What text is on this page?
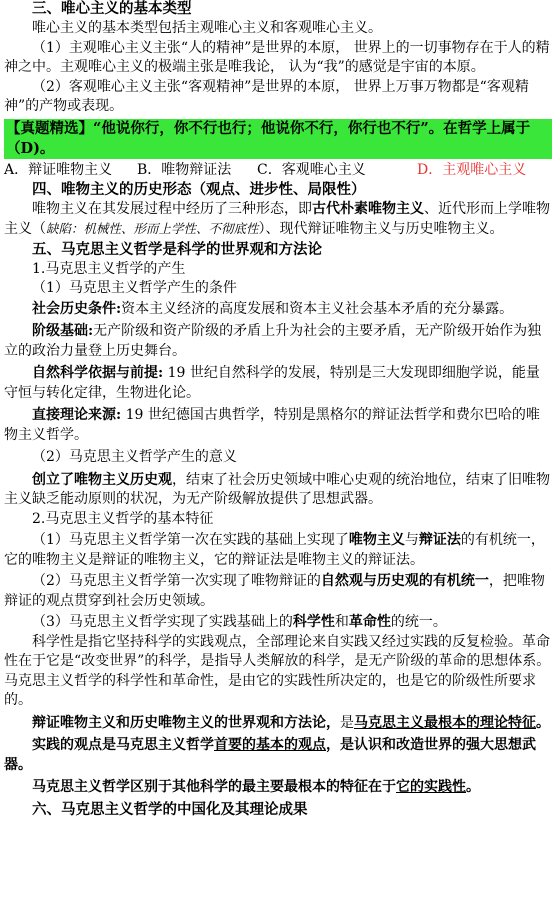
三、唯心主义的基本类型

唯心主义的基本类型包括主观唯心主义和客观唯心主义。

（1）主观唯心主义主张“人的精神”是世界的本原， 世界上的一切事物存在于人的精神之中。主观唯心主义的极端主张是唯我论， 认为“我”的感觉是宇宙的本原。

（2）客观唯心主义主张“客观精神”是世界的本原， 世界上万事万物都是“客观精神”的产物或表现。

【真题精选】“他说你行，你不行也行；他说你不行，你行也不行”。在哲学上属于（D)。

A．辩证唯物主义	B．唯物辩证法	C．客观唯心主义	D．主观唯心主义

四、唯物主义的历史形态（观点、进步性、局限性）

唯物主义在其发展过程中经历了三种形态，即古代朴素唯物主义、近代形而上学唯物主义（缺陷：机械性、形而上学性、不彻底性）、现代辩证唯物主义与历史唯物主义。

五、马克思主义哲学是科学的世界观和方法论

1.马克思主义哲学的产生

（1）马克思主义哲学产生的条件

社会历史条件:资本主义经济的高度发展和资本主义社会基本矛盾的充分暴露。

阶级基础:无产阶级和资产阶级的矛盾上升为社会的主要矛盾，无产阶级开始作为独立的政治力量登上历史舞台。

自然科学依据与前提: 19 世纪自然科学的发展，特别是三大发现即细胞学说，能量守恒与转化定律，生物进化论。

直接理论来源: 19 世纪德国古典哲学，特别是黑格尔的辩证法哲学和费尔巴哈的唯物主义哲学。

（2）马克思主义哲学产生的意义

创立了唯物主义历史观，结束了社会历史领域中唯心史观的统治地位，结束了旧唯物主义缺乏能动原则的状况，为无产阶级解放提供了思想武器。

2.马克思主义哲学的基本特征

（1）马克思主义哲学第一次在实践的基础上实现了唯物主义与辩证法的有机统一，它的唯物主义是辩证的唯物主义，它的辩证法是唯物主义的辩证法。

（2）马克思主义哲学第一次实现了唯物辩证的自然观与历史观的有机统一，把唯物辩证的观点贯穿到社会历史领域。

（3）马克思主义哲学实现了实践基础上的科学性和革命性的统一。

科学性是指它坚持科学的实践观点，全部理论来自实践又经过实践的反复检验。革命性在于它是“改变世界”的科学，是指导人类解放的科学，是无产阶级的革命的思想体系。马克思主义哲学的科学性和革命性，是由它的实践性所决定的，也是它的阶级性所要求的。

辩证唯物主义和历史唯物主义的世界观和方法论，是马克思主义最根本的理论特征。

实践的观点是马克思主义哲学首要的基本的观点，是认识和改造世界的强大思想武器。

马克思主义哲学区别于其他科学的最主要最根本的特征在于它的实践性。

六、马克思主义哲学的中国化及其理论成果
